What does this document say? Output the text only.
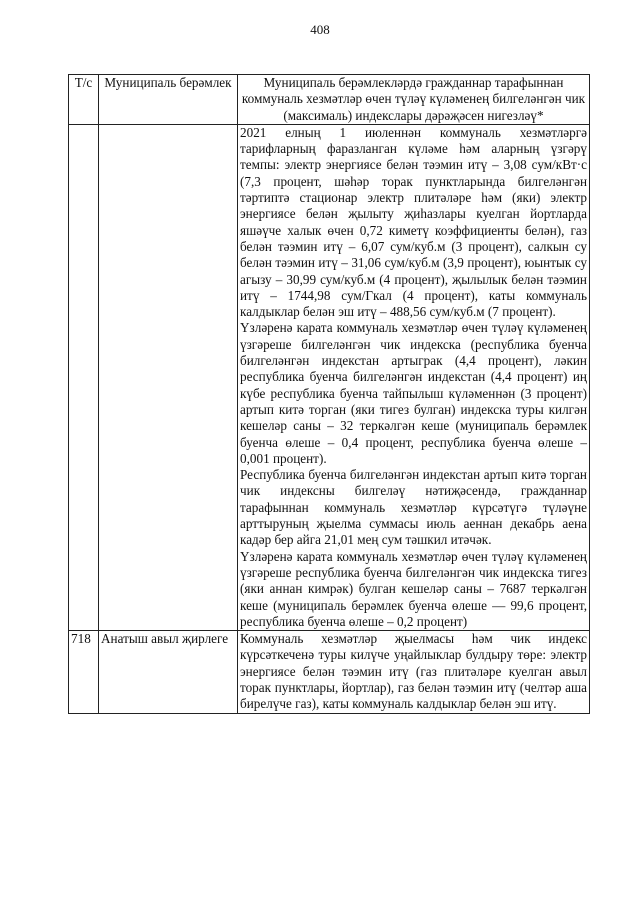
408
Т/с	Муниципаль берәмлек	Муниципаль берәмлекләрдә гражданнар тарафыннан коммуналь хезмәтләр өчен түләү күләменең билгеләнгән чик (максималь) индекслары дәрәҗәсен нигезләү*

		2021 елның 1 июленнән коммуналь хезмәтләргә тарифларның фаразланган күләме һәм аларның үзгәрү темпы: электр энергиясе белән тәэмин итү – 3,08 сум/кВт·с (7,3 процент, шәһәр торак пунктларында билгеләнгән тәртиптә стационар электр плитәләре һәм (яки) электр энергиясе белән җылыту җиһазлары куелган йортларда яшәүче халык өчен 0,72 киметү коэффициенты белән), газ белән тәэмин итү – 6,07 сум/куб.м (3 процент), салкын су белән тәэмин итү – 31,06 сум/куб.м (3,9 процент), юынтык су агызу – 30,99 сум/куб.м (4 процент), җылылык белән тәэмин итү – 1744,98 сум/Гкал (4 процент), каты коммуналь калдыклар белән эш итү – 488,56 сум/куб.м (7 процент).
Үзләренә карата коммуналь хезмәтләр өчен түләү күләменең үзгәреше билгеләнгән чик индекска (республика буенча билгеләнгән индекстан артыграк (4,4 процент), ләкин республика буенча билгеләнгән индекстан (4,4 процент) иң күбе республика буенча тайпылыш күләменнән (3 процент) артып китә торган (яки тигез булган) индекска туры килгән кешеләр саны – 32 теркәлгән кеше (муниципаль берәмлек буенча өлеше – 0,4 процент, республика буенча өлеше – 0,001 процент).
Республика буенча билгеләнгән индекстан артып китә торган чик индексны билгеләү нәтиҗәсендә, гражданнар тарафыннан коммуналь хезмәтләр күрсәтүгә түләүне арттыруның җыелма суммасы июль аеннан декабрь аена кадәр бер айга 21,01 мең сум тәшкил итәчәк.
Үзләренә карата коммуналь хезмәтләр өчен түләү күләменең үзгәреше республика буенча билгеләнгән чик индекска тигез (яки аннан кимрәк) булган кешеләр саны – 7687 теркәлгән кеше (муниципаль берәмлек буенча өлеше — 99,6 процент, республика буенча өлеше – 0,2 процент)

718	Анатыш авыл җирлеге	Коммуналь хезмәтләр җыелмасы һәм чик индекс күрсәткеченә туры килүче уңайлыклар булдыру төре: электр энергиясе белән тәэмин итү (газ плитәләре куелган авыл торак пунктлары, йортлар), газ белән тәэмин итү (челтәр аша бирелүче газ), каты коммуналь калдыклар белән эш итү.
